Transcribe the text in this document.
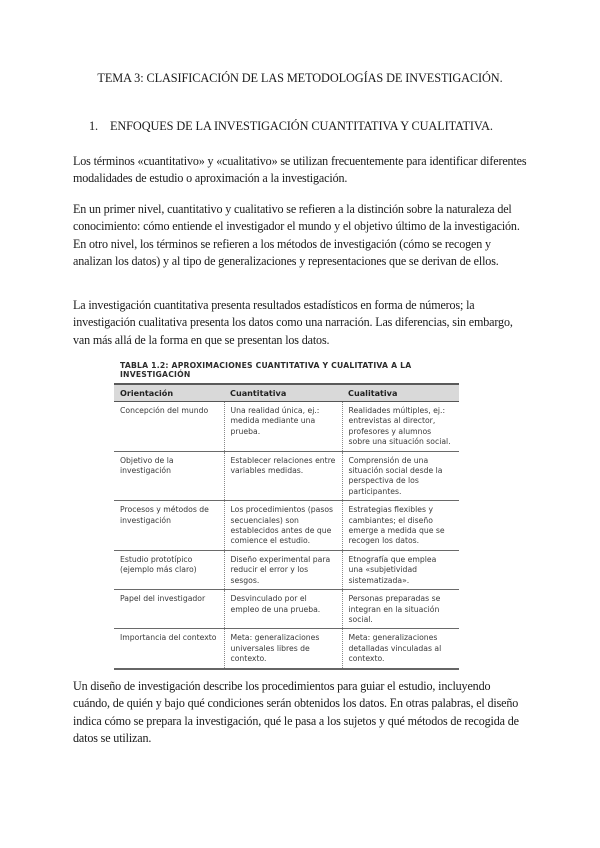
TEMA 3: CLASIFICACIÓN DE LAS METODOLOGÍAS DE INVESTIGACIÓN.
1. ENFOQUES DE LA INVESTIGACIÓN CUANTITATIVA Y CUALITATIVA.

Los términos «cuantitativo» y «cualitativo» se utilizan frecuentemente para identificar diferentes modalidades de estudio o aproximación a la investigación.

En un primer nivel, cuantitativo y cualitativo se refieren a la distinción sobre la naturaleza del conocimiento: cómo entiende el investigador el mundo y el objetivo último de la investigación. En otro nivel, los términos se refieren a los métodos de investigación (cómo se recogen y analizan los datos) y al tipo de generalizaciones y representaciones que se derivan de ellos.

La investigación cuantitativa presenta resultados estadísticos en forma de números; la investigación cualitativa presenta los datos como una narración. Las diferencias, sin embargo, van más allá de la forma en que se presentan los datos.

TABLA 1.2: APROXIMACIONES CUANTITATIVA Y CUALITATIVA A LA INVESTIGACIÓN
Orientación	Cuantitativa	Cualitativa
Concepción del mundo	Una realidad única, ej.: medida mediante una prueba.	Realidades múltiples, ej.: entrevistas al director, profesores y alumnos sobre una situación social.
Objetivo de la investigación	Establecer relaciones entre variables medidas.	Comprensión de una situación social desde la perspectiva de los participantes.
Procesos y métodos de investigación	Los procedimientos (pasos secuenciales) son establecidos antes de que comience el estudio.	Estrategias flexibles y cambiantes; el diseño emerge a medida que se recogen los datos.
Estudio prototípico (ejemplo más claro)	Diseño experimental para reducir el error y los sesgos.	Etnografía que emplea una «subjetividad sistematizada».
Papel del investigador	Desvinculado por el empleo de una prueba.	Personas preparadas se integran en la situación social.
Importancia del contexto	Meta: generalizaciones universales libres de contexto.	Meta: generalizaciones detalladas vinculadas al contexto.

Un diseño de investigación describe los procedimientos para guiar el estudio, incluyendo cuándo, de quién y bajo qué condiciones serán obtenidos los datos. En otras palabras, el diseño indica cómo se prepara la investigación, qué le pasa a los sujetos y qué métodos de recogida de datos se utilizan.
